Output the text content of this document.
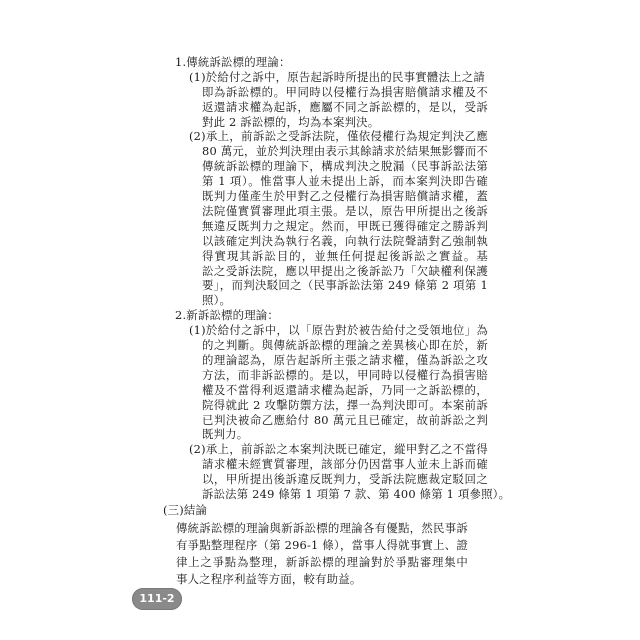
1.傳統訴訟標的理論：
(1)於給付之訴中，原告起訴時所提出的民事實體法上之請
即為訴訟標的。甲同時以侵權行為損害賠償請求權及不
返還請求權為起訴，應屬不同之訴訟標的，是以，受訴
對此 2 訴訟標的，均為本案判決。
(2)承上，前訴訟之受訴法院，僅依侵權行為規定判決乙應
80 萬元，並於判決理由表示其餘請求於結果無影響而不
傳統訴訟標的理論下，構成判決之脫漏（民事訴訟法第
第 1 項）。惟當事人並未提出上訴，而本案判決即告確
既判力僅產生於甲對乙之侵權行為損害賠償請求權，蓋
法院僅實質審理此項主張。是以，原告甲所提出之後訴
無違反既判力之規定。然而，甲既已獲得確定之勝訴判
以該確定判決為執行名義，向執行法院聲請對乙強制執
得實現其訴訟目的，並無任何提起後訴訟之實益。基
訟之受訴法院，應以甲提出之後訴訟乃「欠缺權利保護
要」，而判決駁回之（民事訴訟法第 249 條第 2 項第 1
照）。
2.新訴訟標的理論：
(1)於給付之訴中，以「原告對於被告給付之受領地位」為
的之判斷。與傳統訴訟標的理論之差異核心即在於，新
的理論認為，原告起訴所主張之請求權，僅為訴訟之攻
方法，而非訴訟標的。是以，甲同時以侵權行為損害賠
權及不當得利返還請求權為起訴，乃同一之訴訟標的，
院得就此 2 攻擊防禦方法，擇一為判決即可。本案前訴
已判決被命乙應給付 80 萬元且已確定，故前訴訟之判
既判力。
(2)承上，前訴訟之本案判決既已確定，縱甲對乙之不當得
請求權未經實質審理，該部分仍因當事人並未上訴而確
以，甲所提出後訴違反既判力，受訴法院應裁定駁回之
訴訟法第 249 條第 1 項第 7 款、第 400 條第 1 項參照）。
(三)結論
傳統訴訟標的理論與新訴訟標的理論各有優點，然民事訴
有爭點整理程序（第 296-1 條），當事人得就事實上、證
律上之爭點為整理，新訴訟標的理論對於爭點審理集中
事人之程序利益等方面，較有助益。
111-2
